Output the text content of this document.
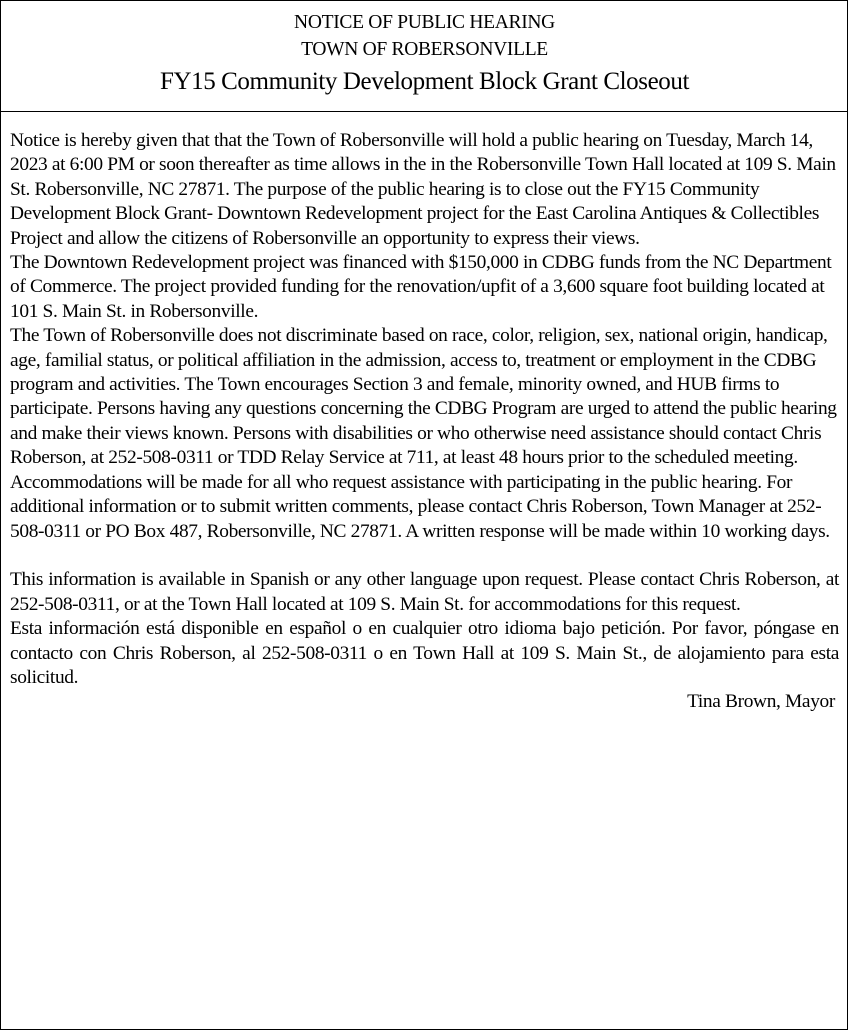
NOTICE OF PUBLIC HEARING
TOWN OF ROBERSONVILLE
FY15 Community Development Block Grant Closeout

Notice is hereby given that that the Town of Robersonville will hold a public hearing on Tuesday, March 14, 2023 at 6:00 PM or soon thereafter as time allows in the in the Robersonville Town Hall located at 109 S. Main St. Robersonville, NC 27871. The purpose of the public hearing is to close out the FY15 Community Development Block Grant- Downtown Redevelopment project for the East Carolina Antiques & Collectibles Project and allow the citizens of Robersonville an opportunity to express their views.

The Downtown Redevelopment project was financed with $150,000 in CDBG funds from the NC Department of Commerce. The project provided funding for the renovation/upfit of a 3,600 square foot building located at 101 S. Main St. in Robersonville.

The Town of Robersonville does not discriminate based on race, color, religion, sex, national origin, handicap, age, familial status, or political affiliation in the admission, access to, treatment or employment in the CDBG program and activities. The Town encourages Section 3 and female, minority owned, and HUB firms to participate. Persons having any questions concerning the CDBG Program are urged to attend the public hearing and make their views known. Persons with disabilities or who otherwise need assistance should contact Chris Roberson, at 252-508-0311 or TDD Relay Service at 711, at least 48 hours prior to the scheduled meeting. Accommodations will be made for all who request assistance with participating in the public hearing. For additional information or to submit written comments, please contact Chris Roberson, Town Manager at 252-508-0311 or PO Box 487, Robersonville, NC 27871. A written response will be made within 10 working days.

This information is available in Spanish or any other language upon request. Please contact Chris Roberson, at 252-508-0311, or at the Town Hall located at 109 S. Main St. for accommodations for this request.

Esta información está disponible en español o en cualquier otro idioma bajo petición. Por favor, póngase en contacto con Chris Roberson, al 252-508-0311 o en Town Hall at 109 S. Main St., de alojamiento para esta solicitud.

Tina Brown, Mayor
